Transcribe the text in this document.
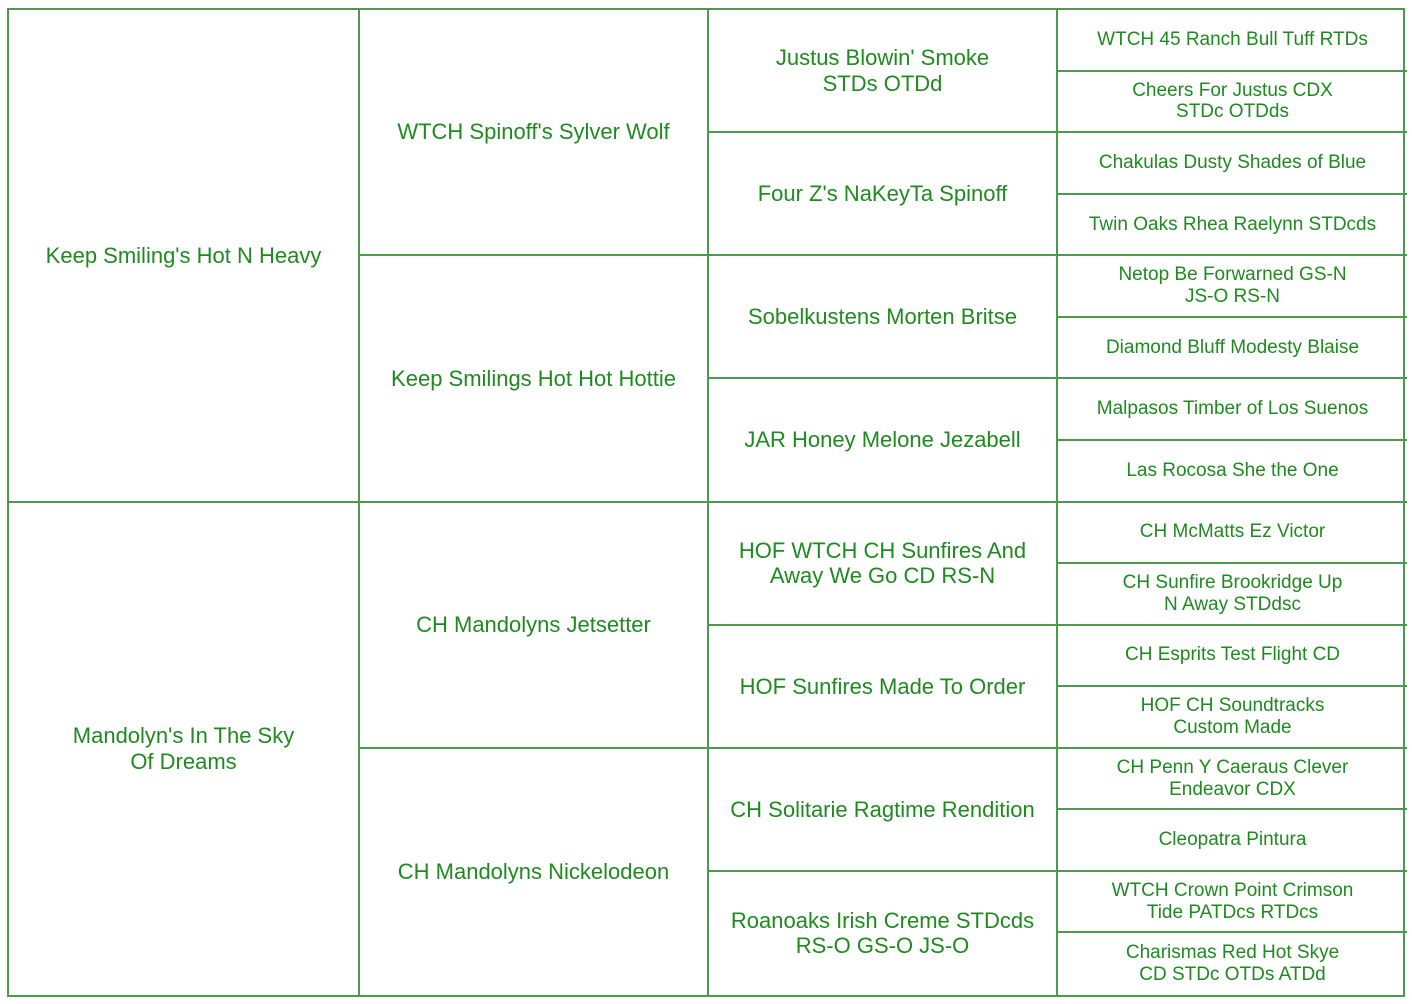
Keep Smiling's Hot N Heavy
Mandolyn's In The Sky
Of Dreams
WTCH Spinoff's Sylver Wolf
Keep Smilings Hot Hot Hottie
CH Mandolyns Jetsetter
CH Mandolyns Nickelodeon
Justus Blowin' Smoke
STDs OTDd
Four Z's NaKeyTa Spinoff
Sobelkustens Morten Britse
JAR Honey Melone Jezabell
HOF WTCH CH Sunfires And
Away We Go CD RS-N
HOF Sunfires Made To Order
CH Solitarie Ragtime Rendition
Roanoaks Irish Creme STDcds
RS-O GS-O JS-O
WTCH 45 Ranch Bull Tuff RTDs
Cheers For Justus CDX
STDc OTDds
Chakulas Dusty Shades of Blue
Twin Oaks Rhea Raelynn STDcds
Netop Be Forwarned GS-N
JS-O RS-N
Diamond Bluff Modesty Blaise
Malpasos Timber of Los Suenos
Las Rocosa She the One
CH McMatts Ez Victor
CH Sunfire Brookridge Up
N Away STDdsc
CH Esprits Test Flight CD
HOF CH Soundtracks
Custom Made
CH Penn Y Caeraus Clever
Endeavor CDX
Cleopatra Pintura
WTCH Crown Point Crimson
Tide PATDcs RTDcs
Charismas Red Hot Skye
CD STDc OTDs ATDd
